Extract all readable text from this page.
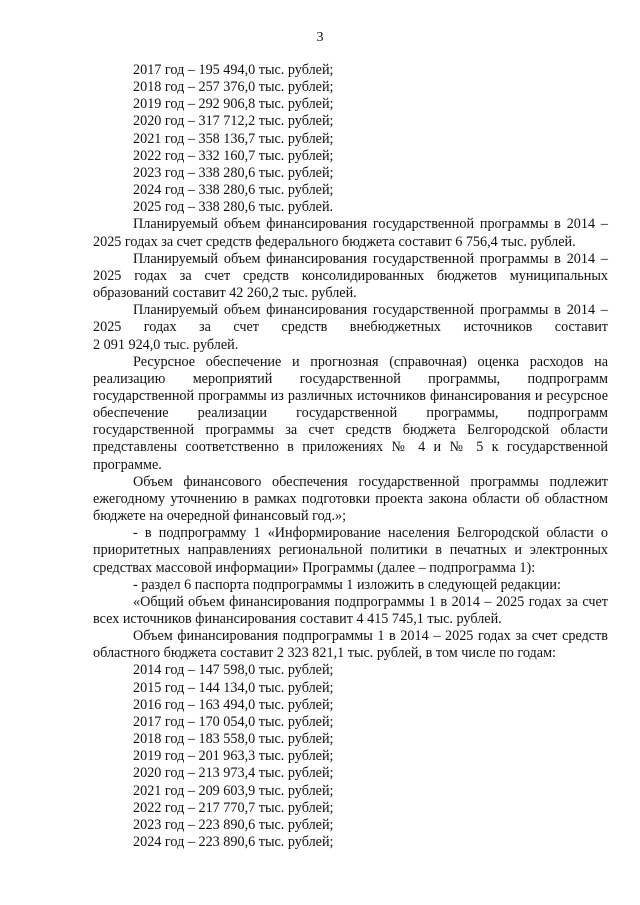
3
2017 год – 195 494,0 тыс. рублей;
2018 год – 257 376,0 тыс. рублей;
2019 год – 292 906,8 тыс. рублей;
2020 год – 317 712,2 тыс. рублей;
2021 год – 358 136,7 тыс. рублей;
2022 год – 332 160,7 тыс. рублей;
2023 год – 338 280,6 тыс. рублей;
2024 год – 338 280,6 тыс. рублей;
2025 год – 338 280,6 тыс. рублей.
Планируемый объем финансирования государственной программы в 2014 – 2025 годах за счет средств федерального бюджета составит 6 756,4 тыс. рублей.
Планируемый объем финансирования государственной программы в 2014 – 2025 годах за счет средств консолидированных бюджетов муниципальных образований составит 42 260,2 тыс. рублей.
Планируемый объем финансирования государственной программы в 2014 –
2025 годах за счет средств внебюджетных источников составит
2 091 924,0 тыс. рублей.
Ресурсное обеспечение и прогнозная (справочная) оценка расходов на реализацию мероприятий государственной программы, подпрограмм государственной программы из различных источников финансирования и ресурсное обеспечение реализации государственной программы, подпрограмм государственной программы за счет средств бюджета Белгородской области представлены соответственно в приложениях № 4 и № 5 к государственной программе.
Объем финансового обеспечения государственной программы подлежит ежегодному уточнению в рамках подготовки проекта закона области об областном бюджете на очередной финансовый год.»;
- в подпрограмму 1 «Информирование населения Белгородской области о приоритетных направлениях региональной политики в печатных и электронных средствах массовой информации» Программы (далее – подпрограмма 1):
- раздел 6 паспорта подпрограммы 1 изложить в следующей редакции:
«Общий объем финансирования подпрограммы 1 в 2014 – 2025 годах за счет всех источников финансирования составит 4 415 745,1 тыс. рублей.
Объем финансирования подпрограммы 1 в 2014 – 2025 годах за счет средств областного бюджета составит 2 323 821,1 тыс. рублей, в том числе по годам:
2014 год – 147 598,0 тыс. рублей;
2015 год – 144 134,0 тыс. рублей;
2016 год – 163 494,0 тыс. рублей;
2017 год – 170 054,0 тыс. рублей;
2018 год – 183 558,0 тыс. рублей;
2019 год – 201 963,3 тыс. рублей;
2020 год – 213 973,4 тыс. рублей;
2021 год – 209 603,9 тыс. рублей;
2022 год – 217 770,7 тыс. рублей;
2023 год – 223 890,6 тыс. рублей;
2024 год – 223 890,6 тыс. рублей;
